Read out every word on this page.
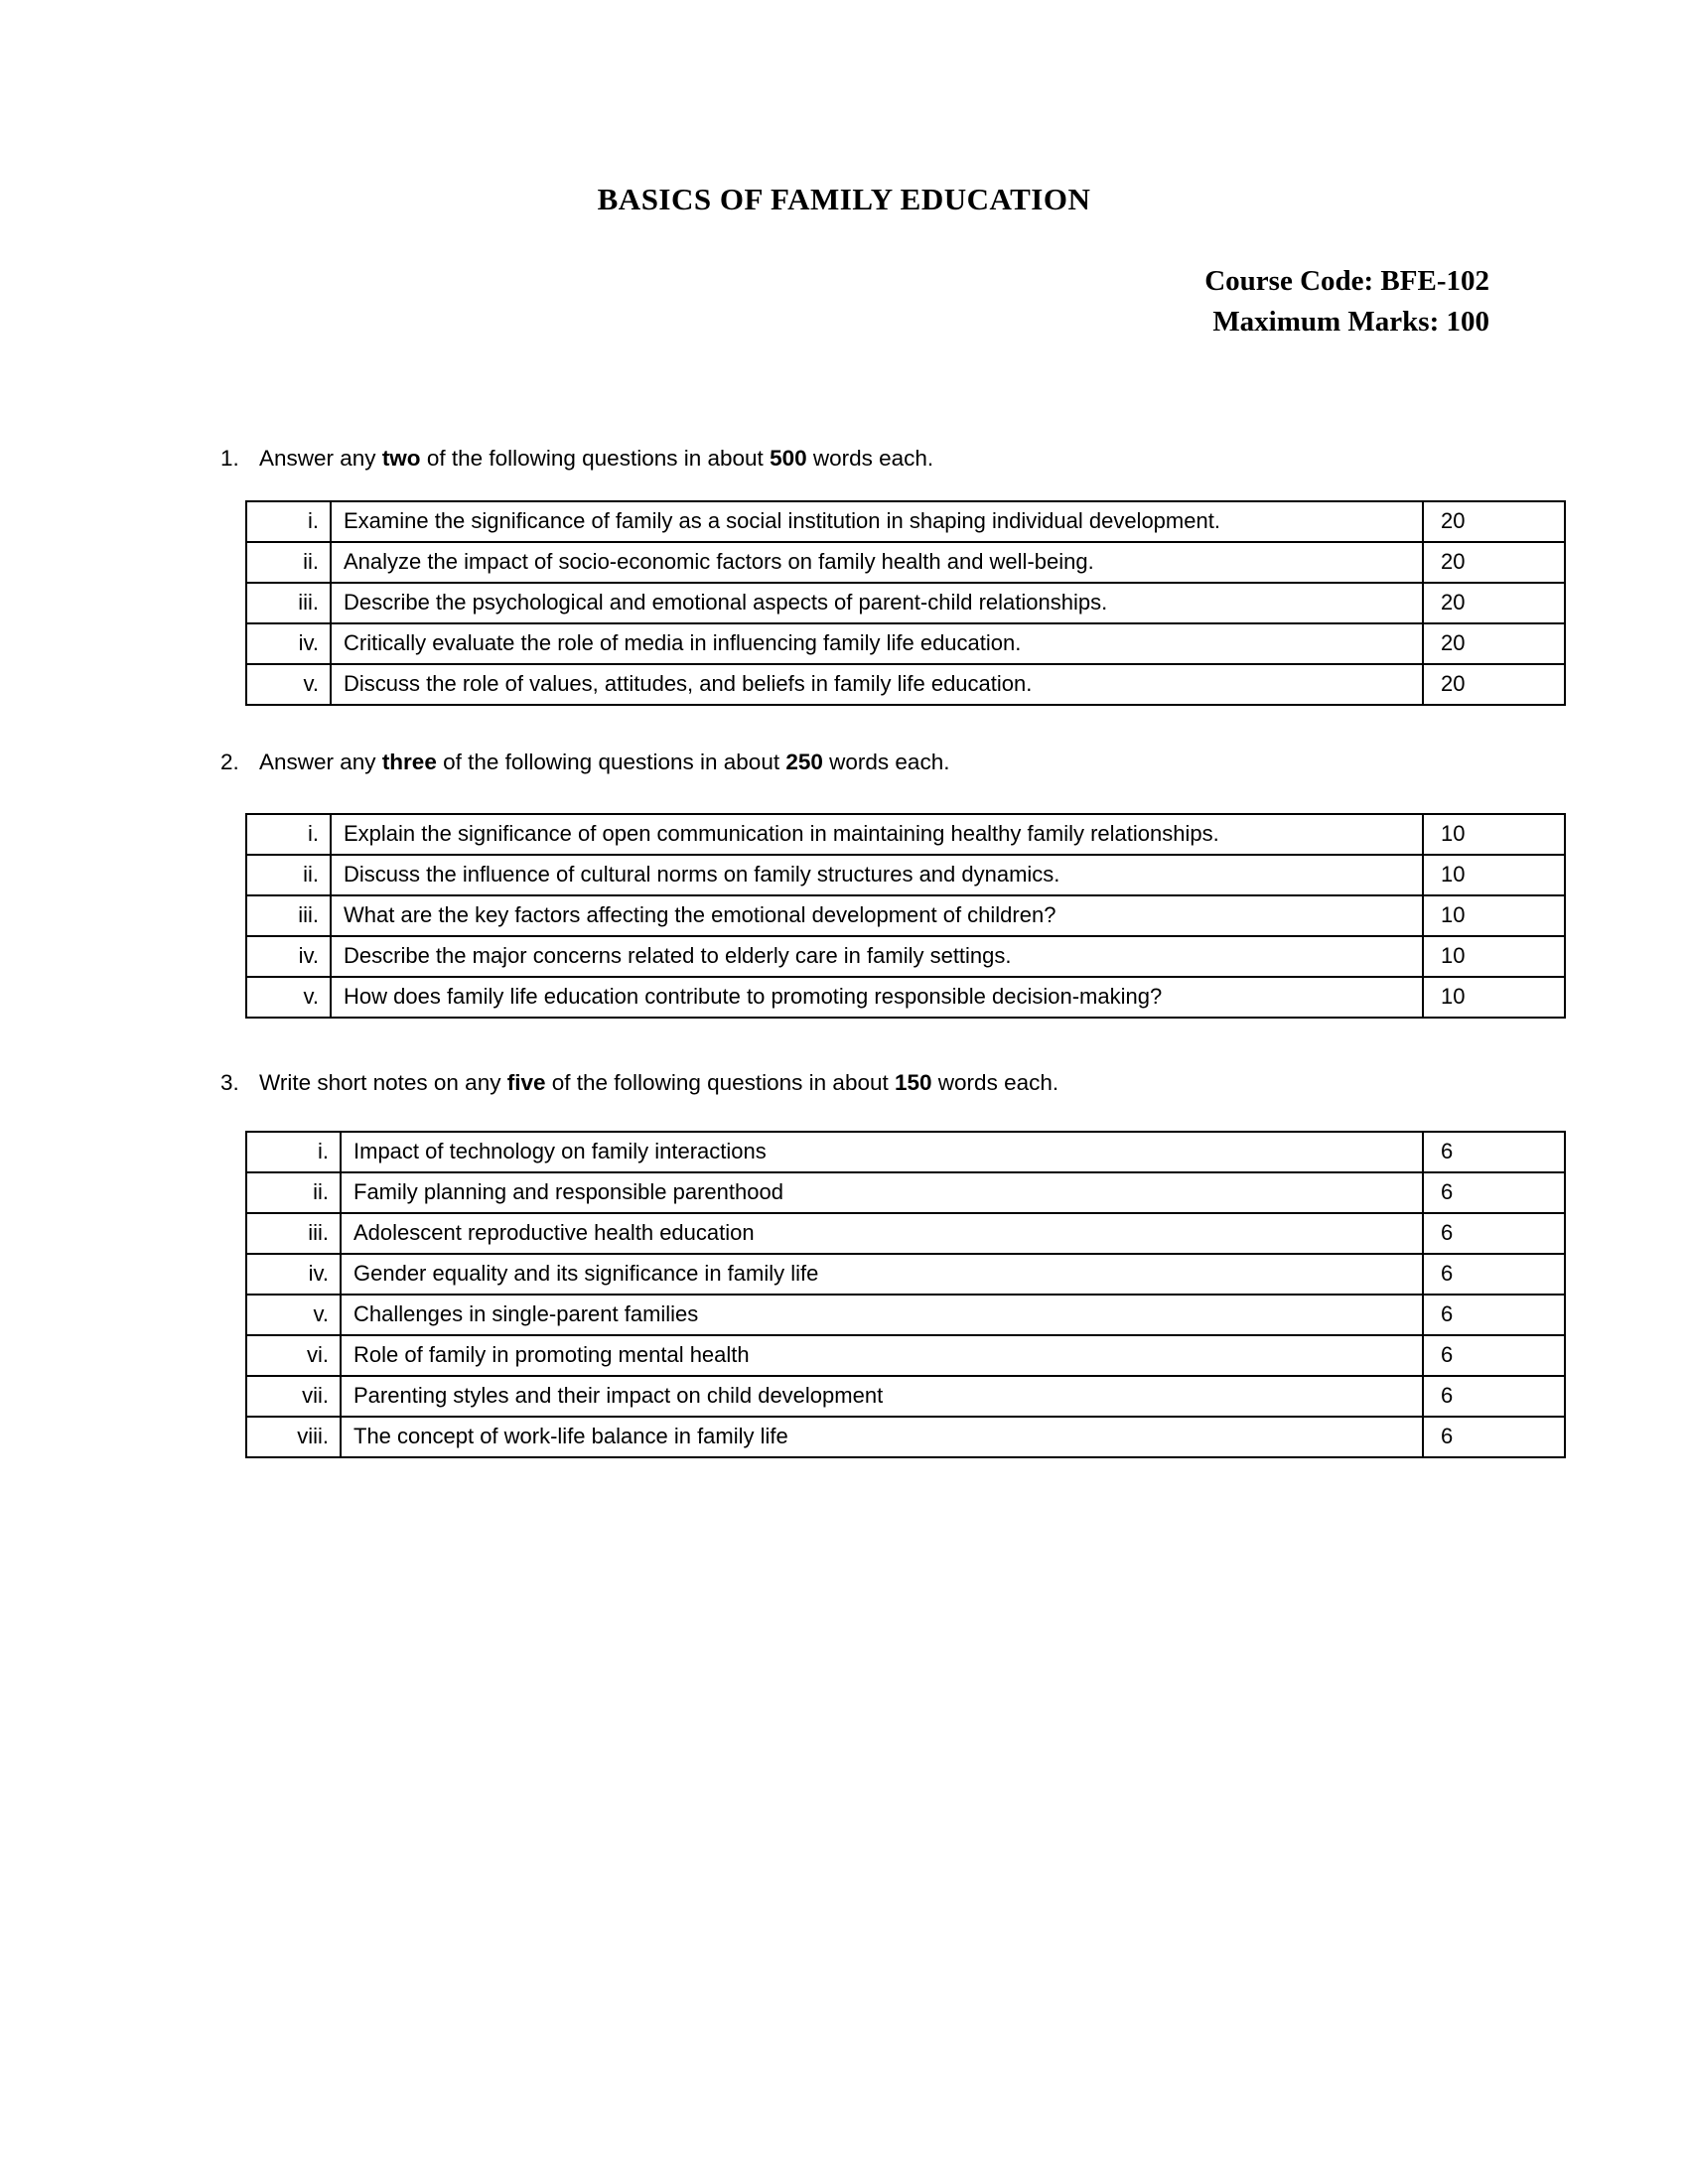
BASICS OF FAMILY EDUCATION
Course Code: BFE-102
Maximum Marks: 100
1. Answer any two of the following questions in about 500 words each.
i.	Examine the significance of family as a social institution in shaping individual development.	20
ii.	Analyze the impact of socio-economic factors on family health and well-being.	20
iii.	Describe the psychological and emotional aspects of parent-child relationships.	20
iv.	Critically evaluate the role of media in influencing family life education.	20
v.	Discuss the role of values, attitudes, and beliefs in family life education.	20
2. Answer any three of the following questions in about 250 words each.
i.	Explain the significance of open communication in maintaining healthy family relationships.	10
ii.	Discuss the influence of cultural norms on family structures and dynamics.	10
iii.	What are the key factors affecting the emotional development of children?	10
iv.	Describe the major concerns related to elderly care in family settings.	10
v.	How does family life education contribute to promoting responsible decision-making?	10
3. Write short notes on any five of the following questions in about 150 words each.
i.	Impact of technology on family interactions	6
ii.	Family planning and responsible parenthood	6
iii.	Adolescent reproductive health education	6
iv.	Gender equality and its significance in family life	6
v.	Challenges in single-parent families	6
vi.	Role of family in promoting mental health	6
vii.	Parenting styles and their impact on child development	6
viii.	The concept of work-life balance in family life	6
